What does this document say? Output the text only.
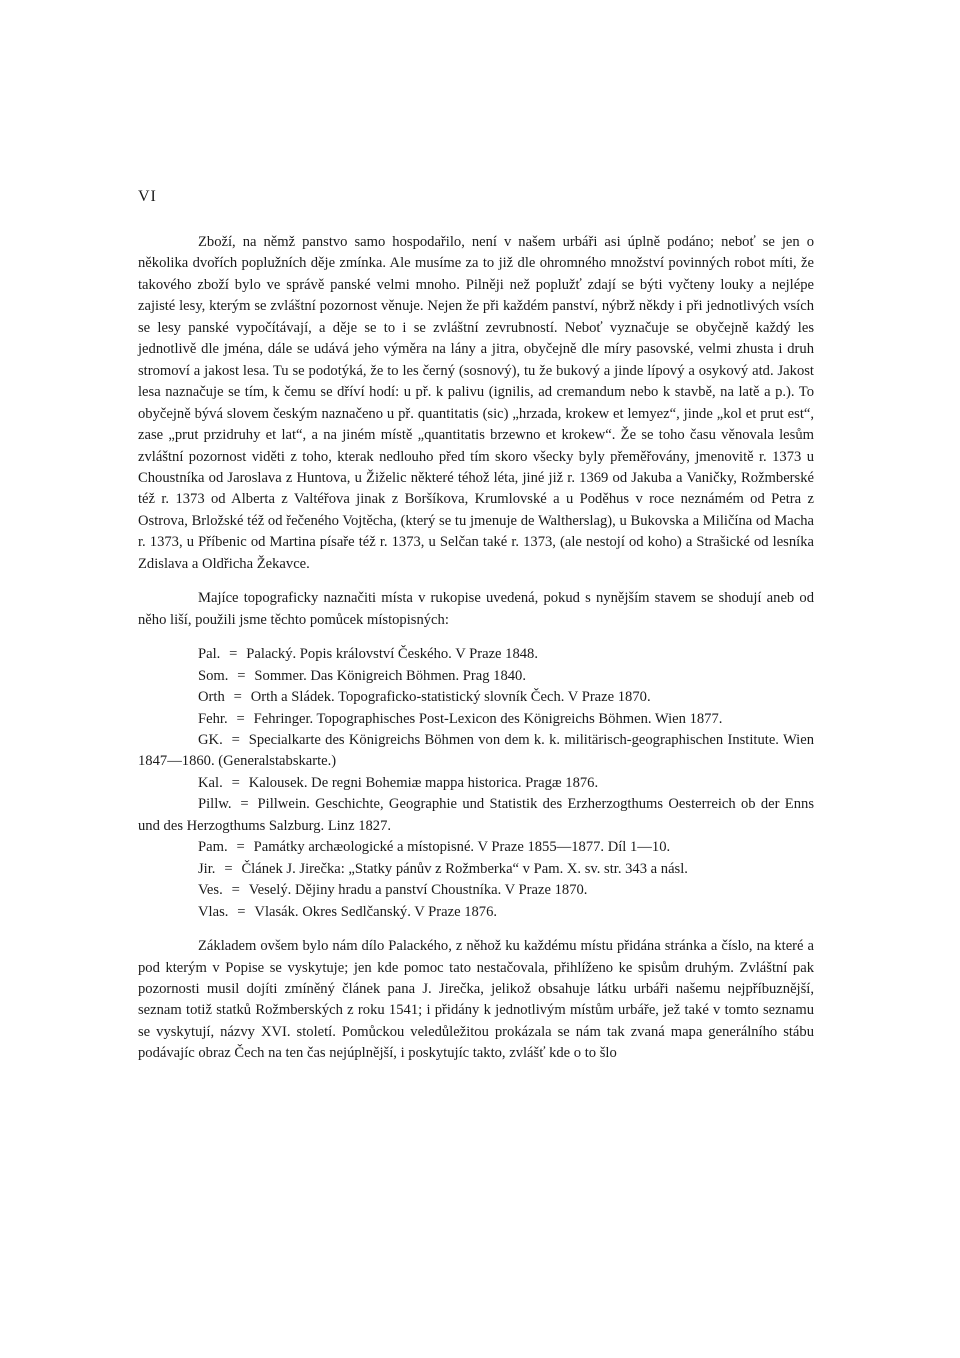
VI

Zboží, na němž panstvo samo hospodařilo, není v našem urbáři asi úplně podáno; neboť se jen o několika dvořích poplužních děje zmínka. Ale musíme za to již dle ohromného množství povinných robot míti, že takového zboží bylo ve správě panské velmi mnoho. Pilněji než poplužť zdají se býti vyčteny louky a nejlépe zajisté lesy, kterým se zvláštní pozornost věnuje. Nejen že při každém panství, nýbrž někdy i při jednotlivých vsích se lesy panské vypočítávají, a děje se to i se zvláštní zevrubností. Neboť vyznačuje se obyčejně každý les jednotlivě dle jména, dále se udává jeho výměra na lány a jitra, obyčejně dle míry pasovské, velmi zhusta i druh stromoví a jakost lesa. Tu se podotýká, že to les černý (sosnový), tu že bukový a jinde lípový a osykový atd. Jakost lesa naznačuje se tím, k čemu se dříví hodí: u př. k palivu (ignilis, ad cremandum nebo k stavbě, na latě a p.). To obyčejně bývá slovem českým naznačeno u př. quantitatis (sic) „hrzada, krokew et lemyez“, jinde „kol et prut est“, zase „prut przidruhy et lat“, a na jiném místě „quantitatis brzewno et krokew“. Že se toho času věnovala lesům zvláštní pozornost viděti z toho, kterak nedlouho před tím skoro všecky byly přeměřovány, jmenovitě r. 1373 u Choustníka od Jaroslava z Huntova, u Žiželic některé téhož léta, jiné již r. 1369 od Jakuba a Vaničky, Rožmberské též r. 1373 od Alberta z Valtéřova jinak z Boršíkova, Krumlovské a u Poděhus v roce neznámém od Petra z Ostrova, Brložské též od řečeného Vojtěcha, (který se tu jmenuje de Waltherslag), u Bukovska a Miličína od Macha r. 1373, u Příbenic od Martina písaře též r. 1373, u Selčan také r. 1373, (ale nestojí od koho) a Strašické od lesníka Zdislava a Oldřicha Žekavce.

Majíce topograficky naznačiti místa v rukopise uvedená, pokud s nynějším stavem se shodují aneb od něho liší, použili jsme těchto pomůcek místopisných:

Pal. = Palacký. Popis království Českého. V Praze 1848.
Som. = Sommer. Das Königreich Böhmen. Prag 1840.
Orth = Orth a Sládek. Topograficko-statistický slovník Čech. V Praze 1870.
Fehr. = Fehringer. Topographisches Post-Lexicon des Königreichs Böhmen. Wien 1877.
GK. = Specialkarte des Königreichs Böhmen von dem k. k. militärisch-geographischen Institute. Wien 1847—1860. (Generalstabskarte.)
Kal. = Kalousek. De regni Bohemiæ mappa historica. Pragæ 1876.
Pillw. = Pillwein. Geschichte, Geographie und Statistik des Erzherzogthums Oesterreich ob der Enns und des Herzogthums Salzburg. Linz 1827.
Pam. = Památky archæologické a místopisné. V Praze 1855—1877. Díl 1—10.
Jir. = Článek J. Jirečka: „Statky pánův z Rožmberka“ v Pam. X. sv. str. 343 a násl.
Ves. = Veselý. Dějiny hradu a panství Choustníka. V Praze 1870.
Vlas. = Vlasák. Okres Sedlčanský. V Praze 1876.

Základem ovšem bylo nám dílo Palackého, z něhož ku každému místu přidána stránka a číslo, na které a pod kterým v Popise se vyskytuje; jen kde pomoc tato nestačovala, přihlíženo ke spisům druhým. Zvláštní pak pozornosti musil dojíti zmíněný článek pana J. Jirečka, jelikož obsahuje látku urbáři našemu nejpříbuznější, seznam totiž statků Rožmberských z roku 1541; i přidány k jednotlivým místům urbáře, jež také v tomto seznamu se vyskytují, názvy XVI. století. Pomůckou veledůležitou prokázala se nám tak zvaná mapa generálního stábu podávajíc obraz Čech na ten čas nejúplnější, i poskytujíc takto, zvlášť kde o to šlo
